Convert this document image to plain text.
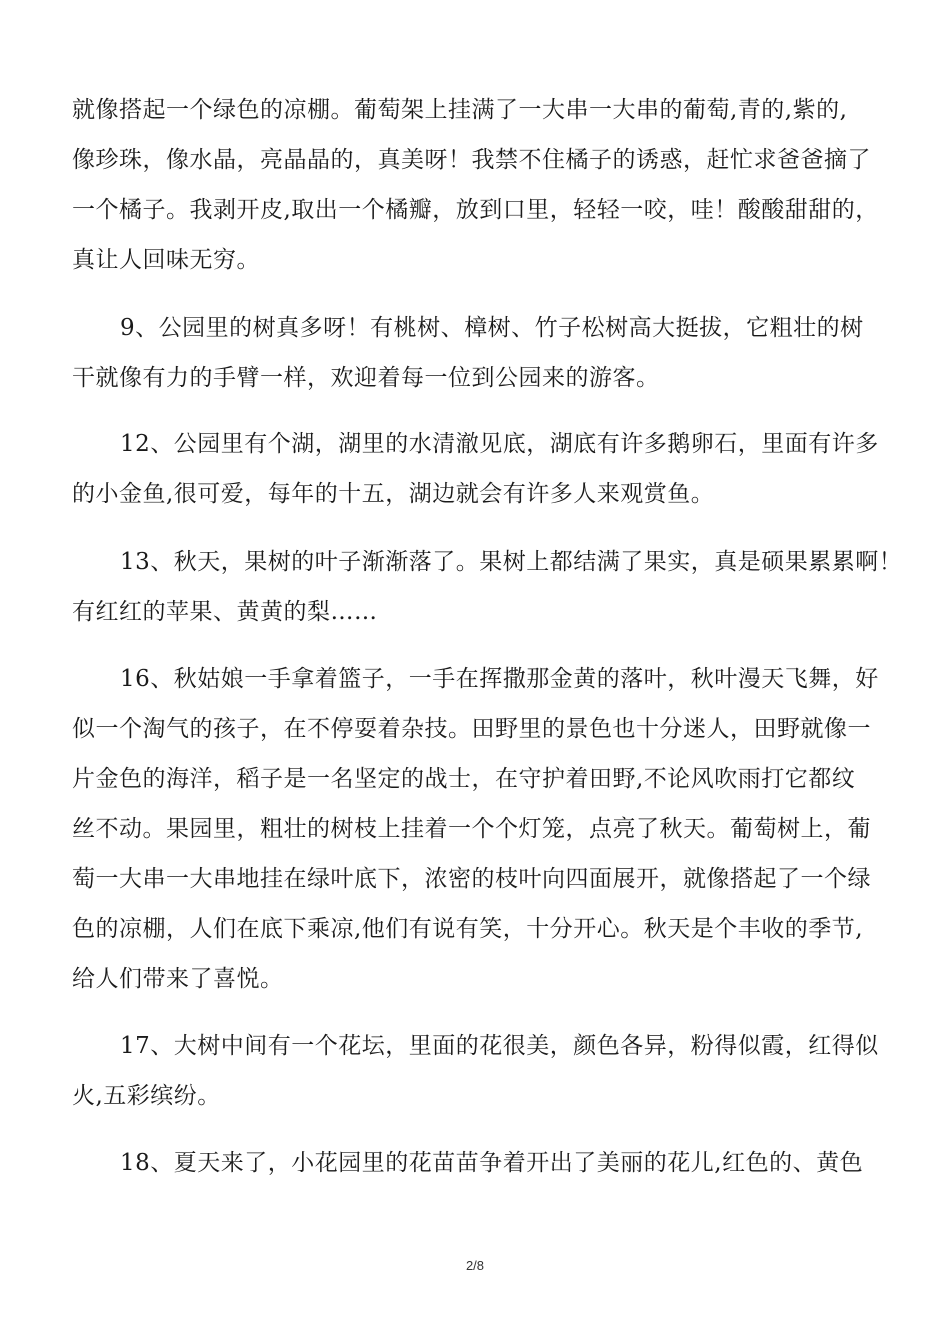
就像搭起一个绿色的凉棚。葡萄架上挂满了一大串一大串的葡萄,青的,紫的,
像珍珠，像水晶，亮晶晶的，真美呀！我禁不住橘子的诱惑，赶忙求爸爸摘了
一个橘子。我剥开皮,取出一个橘瓣，放到口里，轻轻一咬，哇！酸酸甜甜的，
真让人回味无穷。
9、公园里的树真多呀！有桃树、樟树、竹子松树高大挺拔，它粗壮的树
干就像有力的手臂一样，欢迎着每一位到公园来的游客。
12、公园里有个湖，湖里的水清澈见底，湖底有许多鹅卵石，里面有许多
的小金鱼,很可爱，每年的十五，湖边就会有许多人来观赏鱼。
13、秋天，果树的叶子渐渐落了。果树上都结满了果实，真是硕果累累啊！
有红红的苹果、黄黄的梨……
16、秋姑娘一手拿着篮子，一手在挥撒那金黄的落叶，秋叶漫天飞舞，好
似一个淘气的孩子，在不停耍着杂技。田野里的景色也十分迷人，田野就像一
片金色的海洋，稻子是一名坚定的战士，在守护着田野,不论风吹雨打它都纹
丝不动。果园里，粗壮的树枝上挂着一个个灯笼，点亮了秋天。葡萄树上，葡
萄一大串一大串地挂在绿叶底下，浓密的枝叶向四面展开，就像搭起了一个绿
色的凉棚，人们在底下乘凉,他们有说有笑，十分开心。秋天是个丰收的季节,
给人们带来了喜悦。
17、大树中间有一个花坛，里面的花很美，颜色各异，粉得似霞，红得似
火,五彩缤纷。
18、夏天来了，小花园里的花苗苗争着开出了美丽的花儿,红色的、黄色
2/8
